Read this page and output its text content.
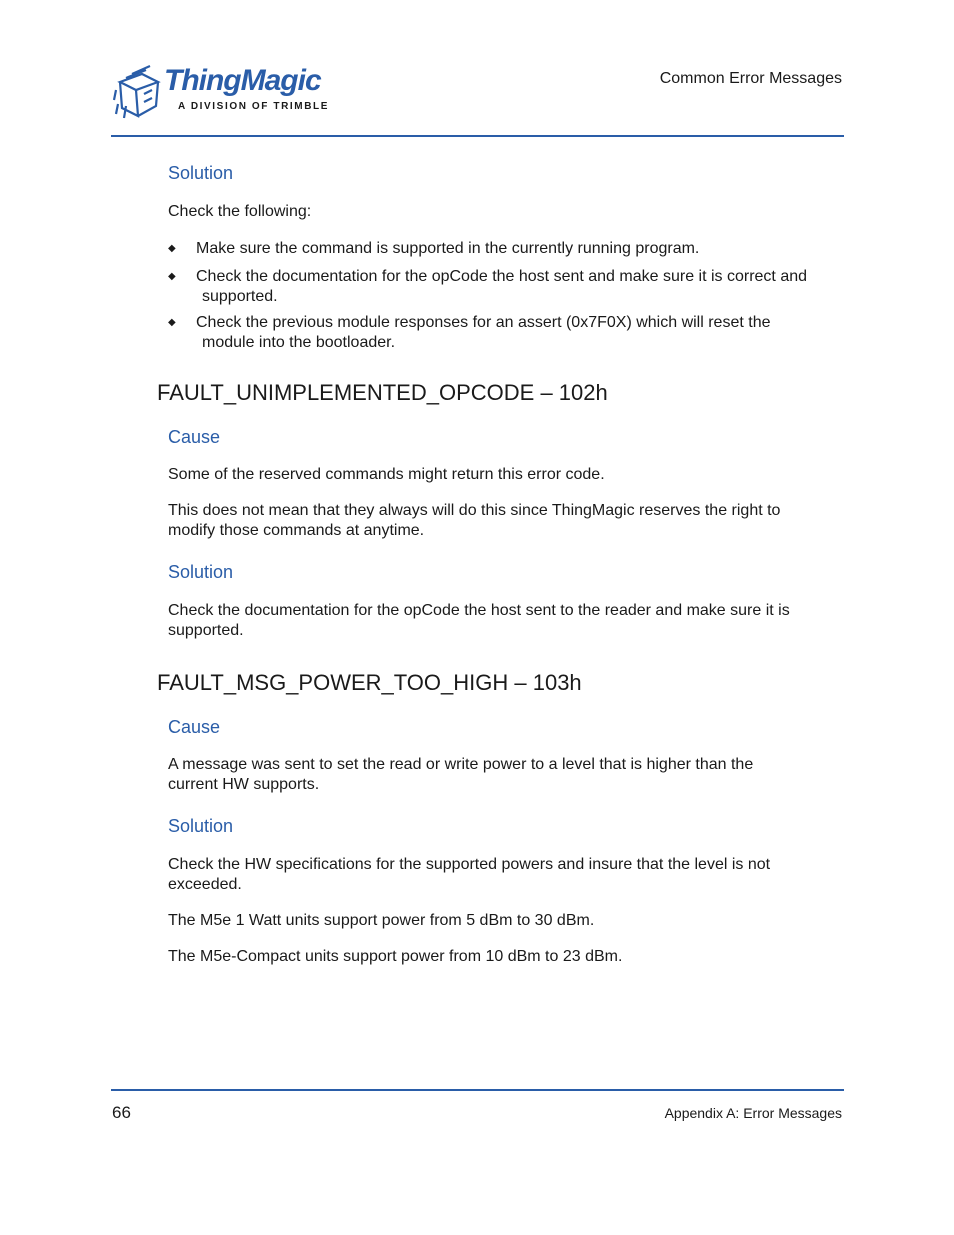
ThingMagic
A DIVISION OF TRIMBLE
Common Error Messages
Solution
Check the following:
◆ Make sure the command is supported in the currently running program.
◆ Check the documentation for the opCode the host sent and make sure it is correct and
supported.
◆ Check the previous module responses for an assert (0x7F0X) which will reset the
module into the bootloader.
FAULT_UNIMPLEMENTED_OPCODE – 102h
Cause
Some of the reserved commands might return this error code.
This does not mean that they always will do this since ThingMagic reserves the right to
modify those commands at anytime.
Solution
Check the documentation for the opCode the host sent to the reader and make sure it is
supported.
FAULT_MSG_POWER_TOO_HIGH – 103h
Cause
A message was sent to set the read or write power to a level that is higher than the
current HW supports.
Solution
Check the HW specifications for the supported powers and insure that the level is not
exceeded.
The M5e 1 Watt units support power from 5 dBm to 30 dBm.
The M5e-Compact units support power from 10 dBm to 23 dBm.
66	Appendix A: Error Messages
